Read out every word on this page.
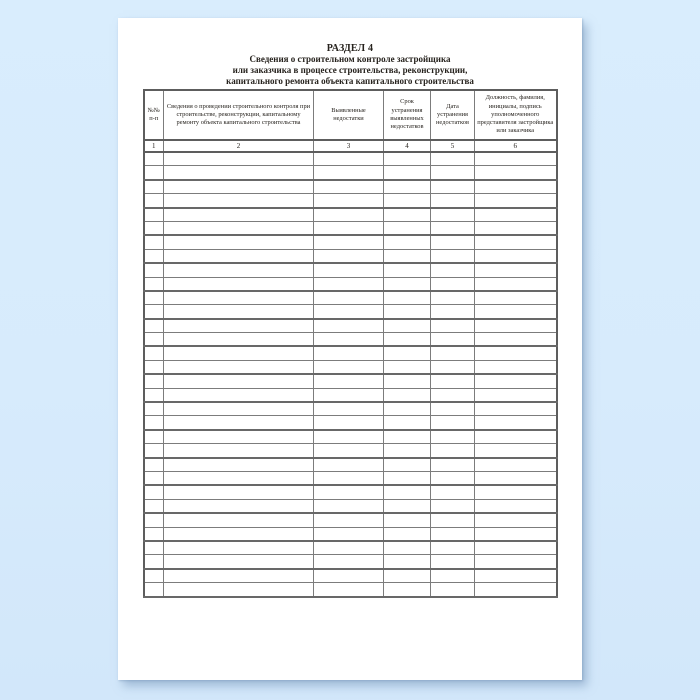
РАЗДЕЛ 4
Сведения о строительном контроле застройщика
или заказчика в процессе строительства, реконструкции,
капитального ремонта объекта капитального строительства
№№ п-п	Сведения о проведении строительного контроля при строительстве, реконструкции, капитальному ремонту объекта капитального строительства	Выявленные недостатки	Срок устранения выявленных недостатков	Дата устранения недостатков	Должность, фамилия, инициалы, подпись уполномоченного представителя застройщика или заказчика
1	2	3	4	5	6
